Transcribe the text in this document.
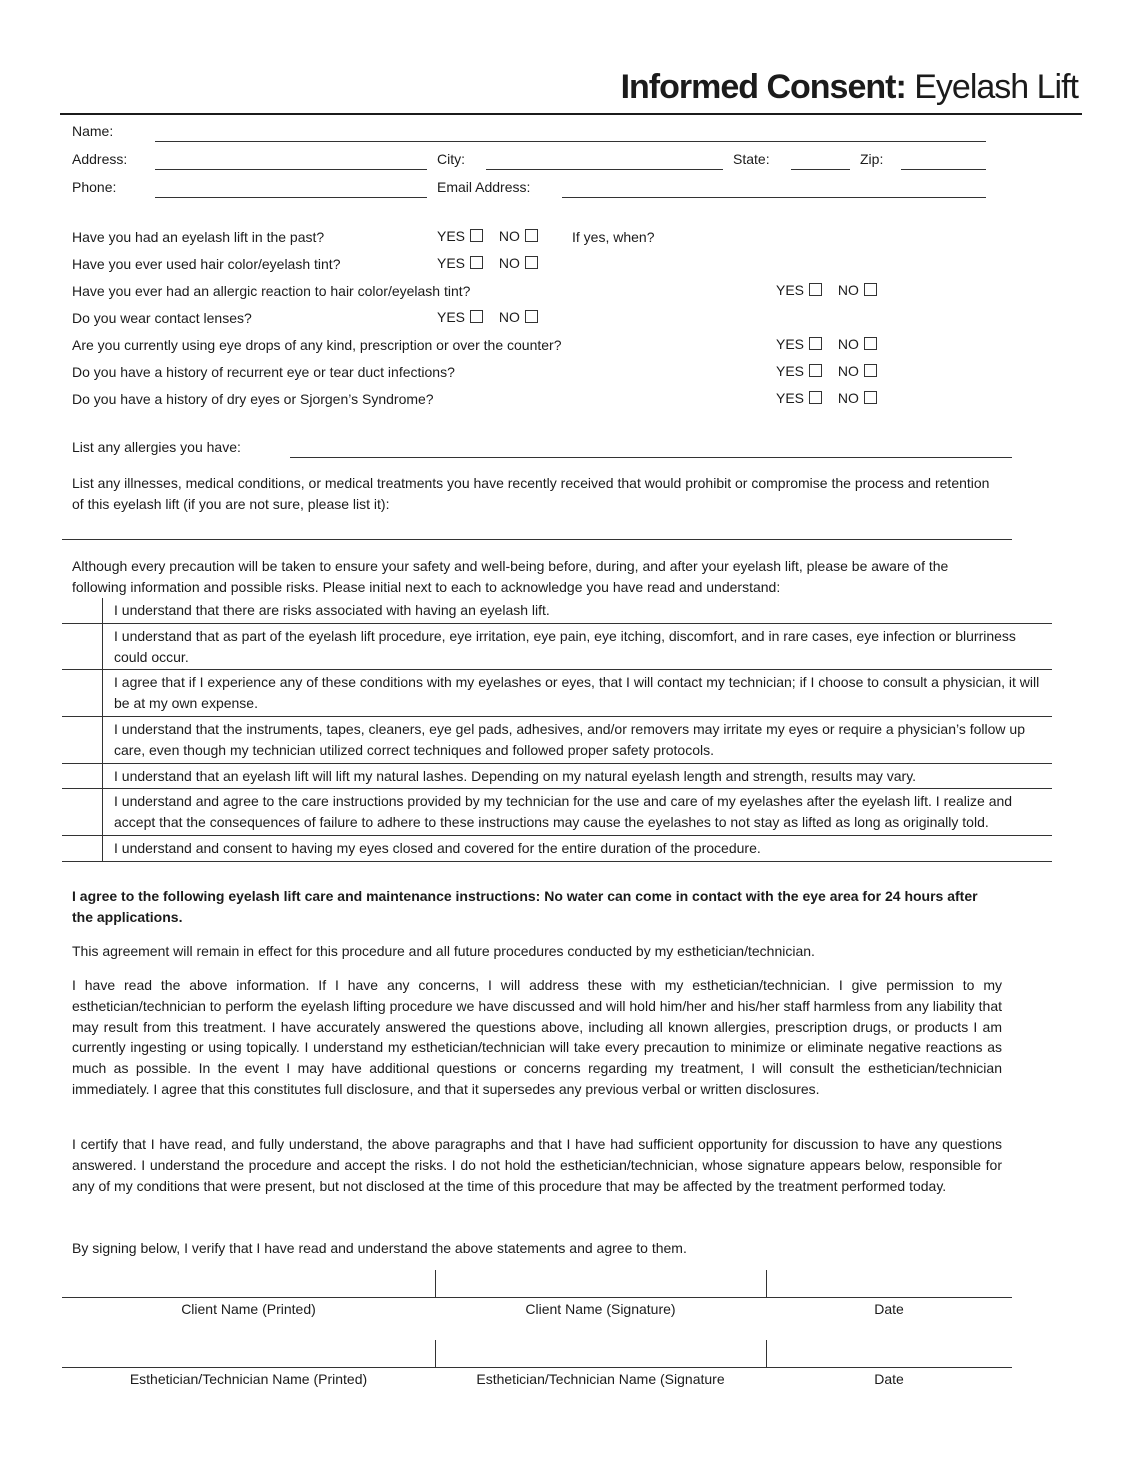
Informed Consent: Eyelash Lift
Name:
Address:	City:	State:	Zip:
Phone:	Email Address:
Have you had an eyelash lift in the past?	YES NO	If yes, when?
Have you ever used hair color/eyelash tint?	YES NO
Have you ever had an allergic reaction to hair color/eyelash tint?	YES NO
Do you wear contact lenses?	YES NO
Are you currently using eye drops of any kind, prescription or over the counter?	YES NO
Do you have a history of recurrent eye or tear duct infections?	YES NO
Do you have a history of dry eyes or Sjorgen’s Syndrome?	YES NO
List any allergies you have:
List any illnesses, medical conditions, or medical treatments you have recently received that would prohibit or compromise the process and retention of this eyelash lift (if you are not sure, please list it):
Although every precaution will be taken to ensure your safety and well-being before, during, and after your eyelash lift, please be aware of the following information and possible risks. Please initial next to each to acknowledge you have read and understand:
I understand that there are risks associated with having an eyelash lift.
I understand that as part of the eyelash lift procedure, eye irritation, eye pain, eye itching, discomfort, and in rare cases, eye infection or blurriness could occur.
I agree that if I experience any of these conditions with my eyelashes or eyes, that I will contact my technician; if I choose to consult a physician, it will be at my own expense.
I understand that the instruments, tapes, cleaners, eye gel pads, adhesives, and/or removers may irritate my eyes or require a physician’s follow up care, even though my technician utilized correct techniques and followed proper safety protocols.
I understand that an eyelash lift will lift my natural lashes. Depending on my natural eyelash length and strength, results may vary.
I understand and agree to the care instructions provided by my technician for the use and care of my eyelashes after the eyelash lift. I realize and accept that the consequences of failure to adhere to these instructions may cause the eyelashes to not stay as lifted as long as originally told.
I understand and consent to having my eyes closed and covered for the entire duration of the procedure.
I agree to the following eyelash lift care and maintenance instructions: No water can come in contact with the eye area for 24 hours after the applications.
This agreement will remain in effect for this procedure and all future procedures conducted by my esthetician/technician.
I have read the above information. If I have any concerns, I will address these with my esthetician/technician. I give permission to my esthetician/technician to perform the eyelash lifting procedure we have discussed and will hold him/her and his/her staff harmless from any liability that may result from this treatment. I have accurately answered the questions above, including all known allergies, prescription drugs, or products I am currently ingesting or using topically. I understand my esthetician/technician will take every precaution to minimize or eliminate negative reactions as much as possible. In the event I may have additional questions or concerns regarding my treatment, I will consult the esthetician/technician immediately. I agree that this constitutes full disclosure, and that it supersedes any previous verbal or written disclosures.
I certify that I have read, and fully understand, the above paragraphs and that I have had sufficient opportunity for discussion to have any questions answered. I understand the procedure and accept the risks. I do not hold the esthetician/technician, whose signature appears below, responsible for any of my conditions that were present, but not disclosed at the time of this procedure that may be affected by the treatment performed today.
By signing below, I verify that I have read and understand the above statements and agree to them.
Client Name (Printed)	Client Name (Signature)	Date
Esthetician/Technician Name (Printed)	Esthetician/Technician Name (Signature	Date
